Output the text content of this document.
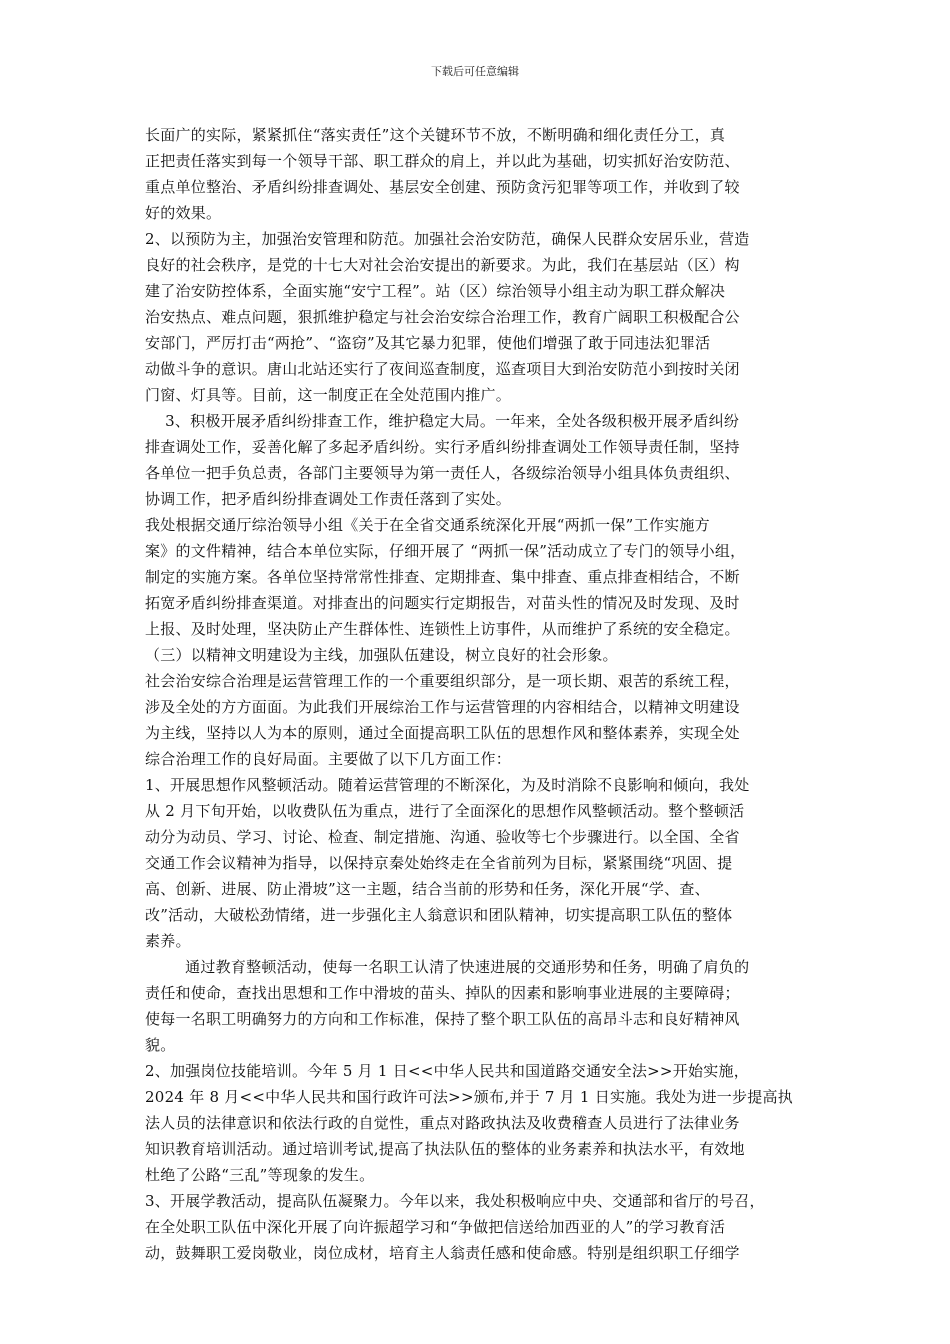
下载后可任意编辑
长面广的实际，紧紧抓住“落实责任”这个关键环节不放，不断明确和细化责任分工，真
正把责任落实到每一个领导干部、职工群众的肩上，并以此为基础，切实抓好治安防范、
重点单位整治、矛盾纠纷排查调处、基层安全创建、预防贪污犯罪等项工作，并收到了较
好的效果。
2、以预防为主，加强治安管理和防范。加强社会治安防范，确保人民群众安居乐业，营造
良好的社会秩序，是党的十七大对社会治安提出的新要求。为此，我们在基层站（区）构
建了治安防控体系，全面实施“安宁工程”。站（区）综治领导小组主动为职工群众解决
治安热点、难点问题，狠抓维护稳定与社会治安综合治理工作，教育广阔职工积极配合公
安部门，严厉打击“两抢”、“盗窃”及其它暴力犯罪，使他们增强了敢于同违法犯罪活
动做斗争的意识。唐山北站还实行了夜间巡查制度，巡查项目大到治安防范小到按时关闭
门窗、灯具等。目前，这一制度正在全处范围内推广。
3、积极开展矛盾纠纷排查工作，维护稳定大局。一年来，全处各级积极开展矛盾纠纷
排查调处工作，妥善化解了多起矛盾纠纷。实行矛盾纠纷排查调处工作领导责任制，坚持
各单位一把手负总责，各部门主要领导为第一责任人，各级综治领导小组具体负责组织、
协调工作，把矛盾纠纷排查调处工作责任落到了实处。
我处根据交通厅综治领导小组《关于在全省交通系统深化开展“两抓一保”工作实施方
案》的文件精神，结合本单位实际，仔细开展了 “两抓一保”活动成立了专门的领导小组，
制定的实施方案。各单位坚持常常性排查、定期排查、集中排查、重点排查相结合，不断
拓宽矛盾纠纷排查渠道。对排查出的问题实行定期报告，对苗头性的情况及时发现、及时
上报、及时处理，坚决防止产生群体性、连锁性上访事件，从而维护了系统的安全稳定。
（三）以精神文明建设为主线，加强队伍建设，树立良好的社会形象。
社会治安综合治理是运营管理工作的一个重要组织部分，是一项长期、艰苦的系统工程，
涉及全处的方方面面。为此我们开展综治工作与运营管理的内容相结合，以精神文明建设
为主线，坚持以人为本的原则，通过全面提高职工队伍的思想作风和整体素养，实现全处
综合治理工作的良好局面。主要做了以下几方面工作：
1、开展思想作风整顿活动。随着运营管理的不断深化，为及时消除不良影响和倾向，我处
从 2 月下旬开始，以收费队伍为重点，进行了全面深化的思想作风整顿活动。整个整顿活
动分为动员、学习、讨论、检查、制定措施、沟通、验收等七个步骤进行。以全国、全省
交通工作会议精神为指导，以保持京秦处始终走在全省前列为目标，紧紧围绕“巩固、提
高、创新、进展、防止滑坡”这一主题，结合当前的形势和任务，深化开展“学、查、
改”活动，大破松劲情绪，进一步强化主人翁意识和团队精神，切实提高职工队伍的整体
素养。
通过教育整顿活动，使每一名职工认清了快速进展的交通形势和任务，明确了肩负的
责任和使命，查找出思想和工作中滑坡的苗头、掉队的因素和影响事业进展的主要障碍；
使每一名职工明确努力的方向和工作标准，保持了整个职工队伍的高昂斗志和良好精神风
貌。
2、加强岗位技能培训。今年 5 月 1 日<<中华人民共和国道路交通安全法>>开始实施，
2024 年 8 月<<中华人民共和国行政许可法>>颁布,并于 7 月 1 日实施。我处为进一步提高执
法人员的法律意识和依法行政的自觉性，重点对路政执法及收费稽查人员进行了法律业务
知识教育培训活动。通过培训考试,提高了执法队伍的整体的业务素养和执法水平，有效地
杜绝了公路“三乱”等现象的发生。
3、开展学教活动，提高队伍凝聚力。今年以来，我处积极响应中央、交通部和省厅的号召，
在全处职工队伍中深化开展了向许振超学习和“争做把信送给加西亚的人”的学习教育活
动，鼓舞职工爱岗敬业，岗位成材，培育主人翁责任感和使命感。特别是组织职工仔细学
